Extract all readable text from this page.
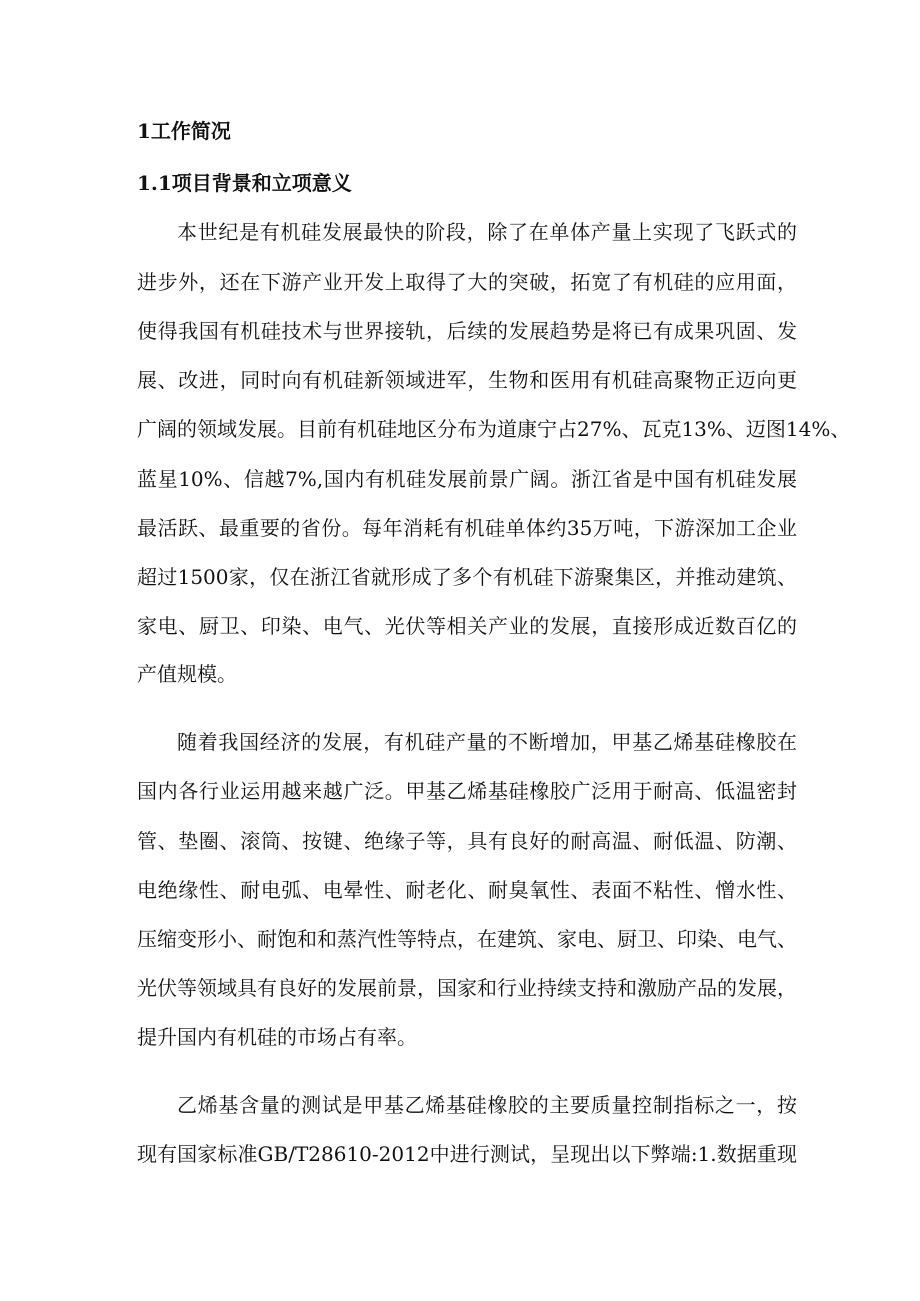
1工作简况
1.1项目背景和立项意义
本世纪是有机硅发展最快的阶段，除了在单体产量上实现了飞跃式的
进步外，还在下游产业开发上取得了大的突破，拓宽了有机硅的应用面，
使得我国有机硅技术与世界接轨，后续的发展趋势是将已有成果巩固、发
展、改进，同时向有机硅新领域进军，生物和医用有机硅高聚物正迈向更
广阔的领域发展。目前有机硅地区分布为道康宁占27%、瓦克13%、迈图14%、
蓝星10%、信越7%,国内有机硅发展前景广阔。浙江省是中国有机硅发展
最活跃、最重要的省份。每年消耗有机硅单体约35万吨，下游深加工企业
超过1500家，仅在浙江省就形成了多个有机硅下游聚集区，并推动建筑、
家电、厨卫、印染、电气、光伏等相关产业的发展，直接形成近数百亿的
产值规模。
随着我国经济的发展，有机硅产量的不断增加，甲基乙烯基硅橡胶在
国内各行业运用越来越广泛。甲基乙烯基硅橡胶广泛用于耐高、低温密封
管、垫圈、滚筒、按键、绝缘子等，具有良好的耐高温、耐低温、防潮、
电绝缘性、耐电弧、电晕性、耐老化、耐臭氧性、表面不粘性、憎水性、
压缩变形小、耐饱和和蒸汽性等特点，在建筑、家电、厨卫、印染、电气、
光伏等领域具有良好的发展前景，国家和行业持续支持和激励产品的发展，
提升国内有机硅的市场占有率。
乙烯基含量的测试是甲基乙烯基硅橡胶的主要质量控制指标之一，按
现有国家标准GB/T28610-2012中进行测试，呈现出以下弊端:1.数据重现
